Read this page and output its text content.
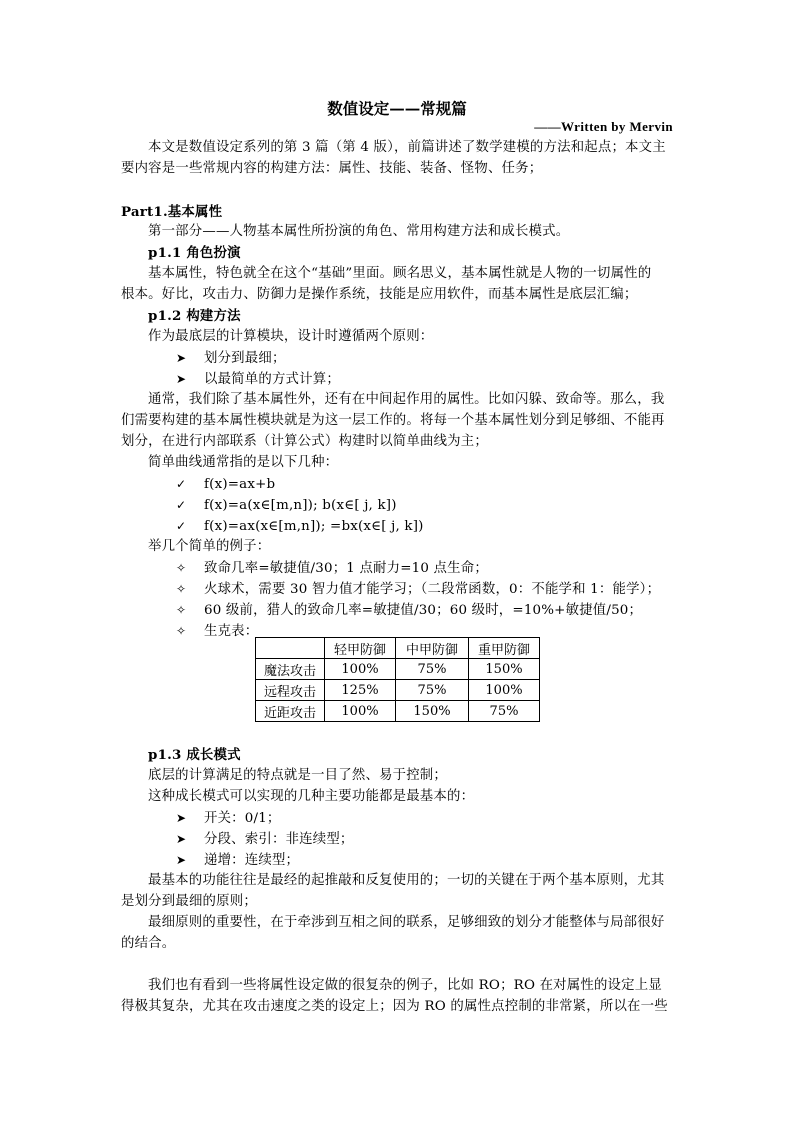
数值设定——常规篇
——Written by Mervin
本文是数值设定系列的第 3 篇（第 4 版），前篇讲述了数学建模的方法和起点；本文主
要内容是一些常规内容的构建方法：属性、技能、装备、怪物、任务；
Part1.基本属性
第一部分——人物基本属性所扮演的角色、常用构建方法和成长模式。
p1.1 角色扮演
基本属性，特色就全在这个“基础”里面。顾名思义，基本属性就是人物的一切属性的
根本。好比，攻击力、防御力是操作系统，技能是应用软件，而基本属性是底层汇编；
p1.2 构建方法
作为最底层的计算模块，设计时遵循两个原则：
➤ 划分到最细；
➤ 以最简单的方式计算；
通常，我们除了基本属性外，还有在中间起作用的属性。比如闪躲、致命等。那么，我
们需要构建的基本属性模块就是为这一层工作的。将每一个基本属性划分到足够细、不能再
划分，在进行内部联系（计算公式）构建时以简单曲线为主；
简单曲线通常指的是以下几种：
✓ f(x)=ax+b
✓ f(x)=a(x∈[m,n]); b(x∈[ j, k])
✓ f(x)=ax(x∈[m,n]); =bx(x∈[ j, k])
举几个简单的例子：
✧ 致命几率=敏捷值/30；1 点耐力=10 点生命；
✧ 火球术，需要 30 智力值才能学习；（二段常函数，0：不能学和 1：能学）；
✧ 60 级前，猎人的致命几率=敏捷值/30；60 级时，=10%+敏捷值/50；
✧ 生克表：
	轻甲防御	中甲防御	重甲防御
魔法攻击	100%	75%	150%
远程攻击	125%	75%	100%
近距攻击	100%	150%	75%
p1.3 成长模式
底层的计算满足的特点就是一目了然、易于控制；
这种成长模式可以实现的几种主要功能都是最基本的：
➤ 开关：0/1；
➤ 分段、索引：非连续型；
➤ 递增：连续型；
最基本的功能往往是最经的起推敲和反复使用的；一切的关键在于两个基本原则，尤其
是划分到最细的原则；
最细原则的重要性，在于牵涉到互相之间的联系，足够细致的划分才能整体与局部很好
的结合。
我们也有看到一些将属性设定做的很复杂的例子，比如 RO；RO 在对属性的设定上显
得极其复杂，尤其在攻击速度之类的设定上；因为 RO 的属性点控制的非常紧，所以在一些
